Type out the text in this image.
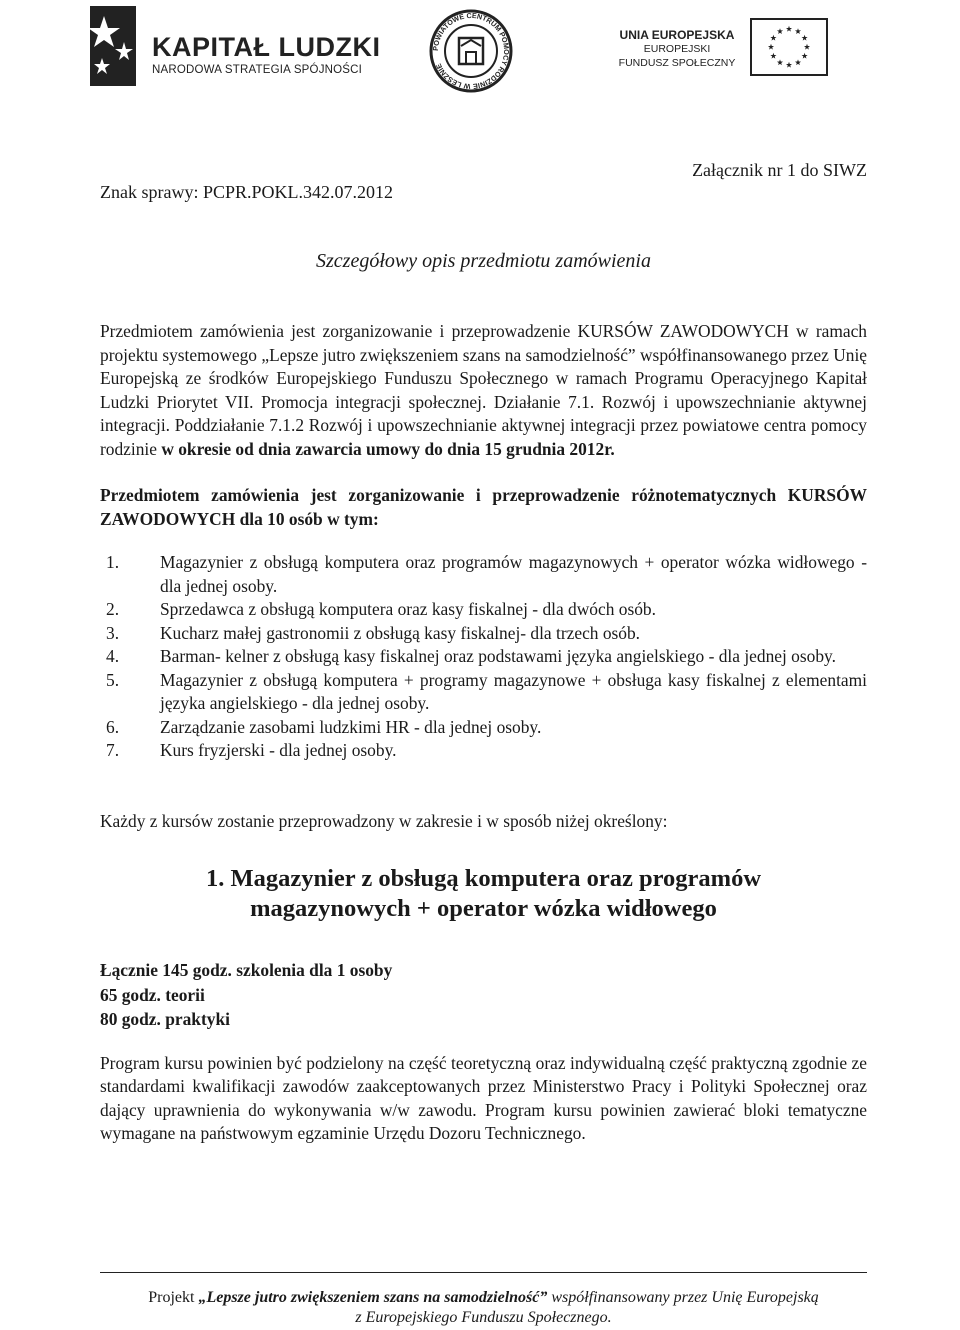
KAPITAŁ LUDZKI
NARODOWA STRATEGIA SPÓJNOŚCI
POWIATOWE CENTRUM POMOCY RODZINIE W LESZNIE
UNIA EUROPEJSKA
EUROPEJSKI
FUNDUSZ SPOŁECZNY
Załącznik nr 1 do SIWZ
Znak sprawy: PCPR.POKL.342.07.2012
Szczegółowy opis przedmiotu zamówienia

Przedmiotem zamówienia jest zorganizowanie i przeprowadzenie KURSÓW ZAWODOWYCH w ramach projektu systemowego „Lepsze jutro zwiększeniem szans na samodzielność” współfinansowanego przez Unię Europejską ze środków Europejskiego Funduszu Społecznego w ramach Programu Operacyjnego Kapitał Ludzki Priorytet VII. Promocja integracji społecznej. Działanie 7.1. Rozwój i upowszechnianie aktywnej integracji. Poddziałanie 7.1.2 Rozwój i upowszechnianie aktywnej integracji przez powiatowe centra pomocy rodzinie w okresie od dnia zawarcia umowy do dnia 15 grudnia 2012r.

Przedmiotem zamówienia jest zorganizowanie i przeprowadzenie różnotematycznych KURSÓW ZAWODOWYCH dla 10 osób w tym:

1. Magazynier z obsługą komputera oraz programów magazynowych + operator wózka widłowego - dla jednej osoby.
2. Sprzedawca z obsługą komputera oraz kasy fiskalnej - dla dwóch osób.
3. Kucharz małej gastronomii z obsługą kasy fiskalnej- dla trzech osób.
4. Barman- kelner z obsługą kasy fiskalnej oraz podstawami języka angielskiego - dla jednej osoby.
5. Magazynier z obsługą komputera + programy magazynowe + obsługa kasy fiskalnej z elementami języka angielskiego - dla jednej osoby.
6. Zarządzanie zasobami ludzkimi HR - dla jednej osoby.
7. Kurs fryzjerski - dla jednej osoby.

Każdy z kursów zostanie przeprowadzony w zakresie i w sposób niżej określony:

1. Magazynier z obsługą komputera oraz programów magazynowych + operator wózka widłowego
Łącznie 145 godz. szkolenia dla 1 osoby
65 godz. teorii
80 godz. praktyki

Program kursu powinien być podzielony na część teoretyczną oraz indywidualną część praktyczną zgodnie ze standardami kwalifikacji zawodów zaakceptowanych przez Ministerstwo Pracy i Polityki Społecznej oraz dający uprawnienia do wykonywania w/w zawodu. Program kursu powinien zawierać bloki tematyczne wymagane na państwowym egzaminie Urzędu Dozoru Technicznego.

Projekt „Lepsze jutro zwiększeniem szans na samodzielność” współfinansowany przez Unię Europejską
z Europejskiego Funduszu Społecznego.
